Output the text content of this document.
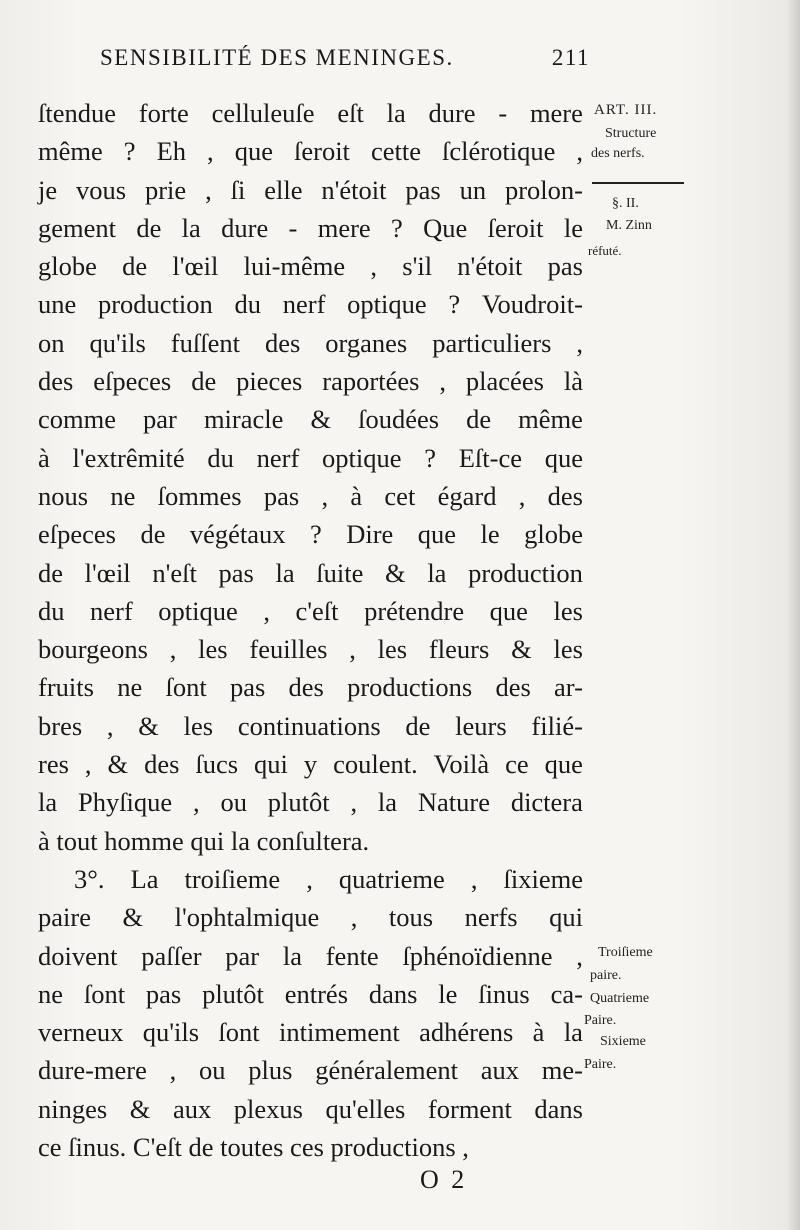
SENSIBILITÉ DES MENINGES.	211
ſtendue forte celluleuſe eſt la dure - mere
même ? Eh , que ſeroit cette ſclérotique ,
je vous prie , ſi elle n'étoit pas un prolon-
gement de la dure - mere ? Que ſeroit le
globe de l'œil lui-même , s'il n'étoit pas
une production du nerf optique ? Voudroit-
on qu'ils fuſſent des organes particuliers ,
des eſpeces de pieces raportées , placées là
comme par miracle & ſoudées de même
à l'extrêmité du nerf optique ? Eſt-ce que
nous ne ſommes pas , à cet égard , des
eſpeces de végétaux ? Dire que le globe
de l'œil n'eſt pas la ſuite & la production
du nerf optique , c'eſt prétendre que les
bourgeons , les feuilles , les fleurs & les
fruits ne ſont pas des productions des ar-
bres , & les continuations de leurs filié-
res , & des ſucs qui y coulent. Voilà ce que
la Phyſique , ou plutôt , la Nature dictera
à tout homme qui la conſultera.
3°. La troiſieme , quatrieme , ſixieme
paire & l'ophtalmique , tous nerfs qui
doivent paſſer par la fente ſphénoïdienne ,
ne ſont pas plutôt entrés dans le ſinus ca-
verneux qu'ils ſont intimement adhérens à la
dure-mere , ou plus généralement aux me-
ninges & aux plexus qu'elles forment dans
ce ſinus. C'eſt de toutes ces productions ,
ART. III.
Structure
des nerfs.
§. II.
M. Zinn
réfuté.
Troiſieme
paire.
Quatrieme
Paire.
Sixieme
Paire.
O 2
